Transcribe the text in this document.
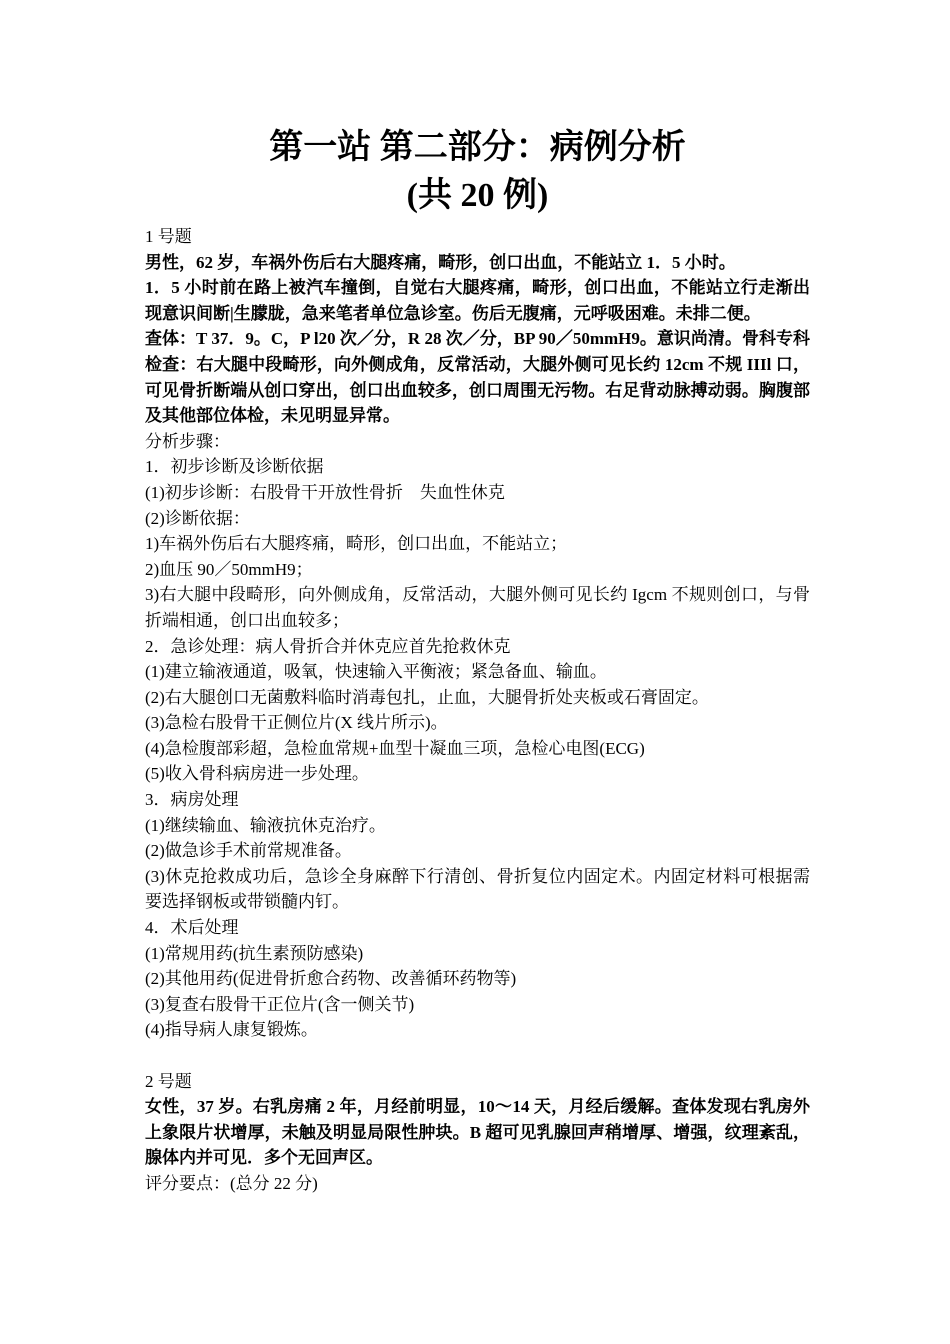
第一站 第二部分：病例分析
(共 20 例)

1 号题

男性，62 岁，车祸外伤后右大腿疼痛，畸形，创口出血，不能站立 1．5 小时。

1．5 小时前在路上被汽车撞倒，自觉右大腿疼痛，畸形，创口出血，不能站立行走渐出现意识间断|生朦胧，急来笔者单位急诊室。伤后无腹痛，元呼吸困难。未排二便。

查体：T 37．9。C，P l20 次／分，R 28 次／分，BP 90／50mmH9。意识尚清。骨科专科检查：右大腿中段畸形，向外侧成角，反常活动，大腿外侧可见长约 12cm 不规 IIIl 口，可见骨折断端从创口穿出，创口出血较多，创口周围无污物。右足背动脉搏动弱。胸腹部及其他部位体检，未见明显异常。

分析步骤：

1．初步诊断及诊断依据

(1)初步诊断：右股骨干开放性骨折　失血性休克

(2)诊断依据：

1)车祸外伤后右大腿疼痛，畸形，创口出血，不能站立；

2)血压 90／50mmH9；

3)右大腿中段畸形，向外侧成角，反常活动，大腿外侧可见长约 Igcm 不规则创口，与骨折端相通，创口出血较多；

2．急诊处理：病人骨折合并休克应首先抢救休克

(1)建立输液通道，吸氧，快速输入平衡液；紧急备血、输血。

(2)右大腿创口无菌敷料临时消毒包扎，止血，大腿骨折处夹板或石膏固定。

(3)急检右股骨干正侧位片(X 线片所示)。

(4)急检腹部彩超，急检血常规+血型十凝血三项，急检心电图(ECG)

(5)收入骨科病房进一步处理。

3．病房处理

(1)继续输血、输液抗休克治疗。

(2)做急诊手术前常规准备。

(3)休克抢救成功后，急诊全身麻醉下行清创、骨折复位内固定术。内固定材料可根据需要选择钢板或带锁髓内钉。

4．术后处理

(1)常规用药(抗生素预防感染)

(2)其他用药(促进骨折愈合药物、改善循环药物等)

(3)复查右股骨干正位片(含一侧关节)

(4)指导病人康复锻炼。

2 号题

女性，37 岁。右乳房痛 2 年，月经前明显，10～14 天，月经后缓解。查体发现右乳房外上象限片状增厚，未触及明显局限性肿块。B 超可见乳腺回声稍增厚、增强，纹理紊乱，腺体内并可见．多个无回声区。

评分要点：(总分 22 分)
